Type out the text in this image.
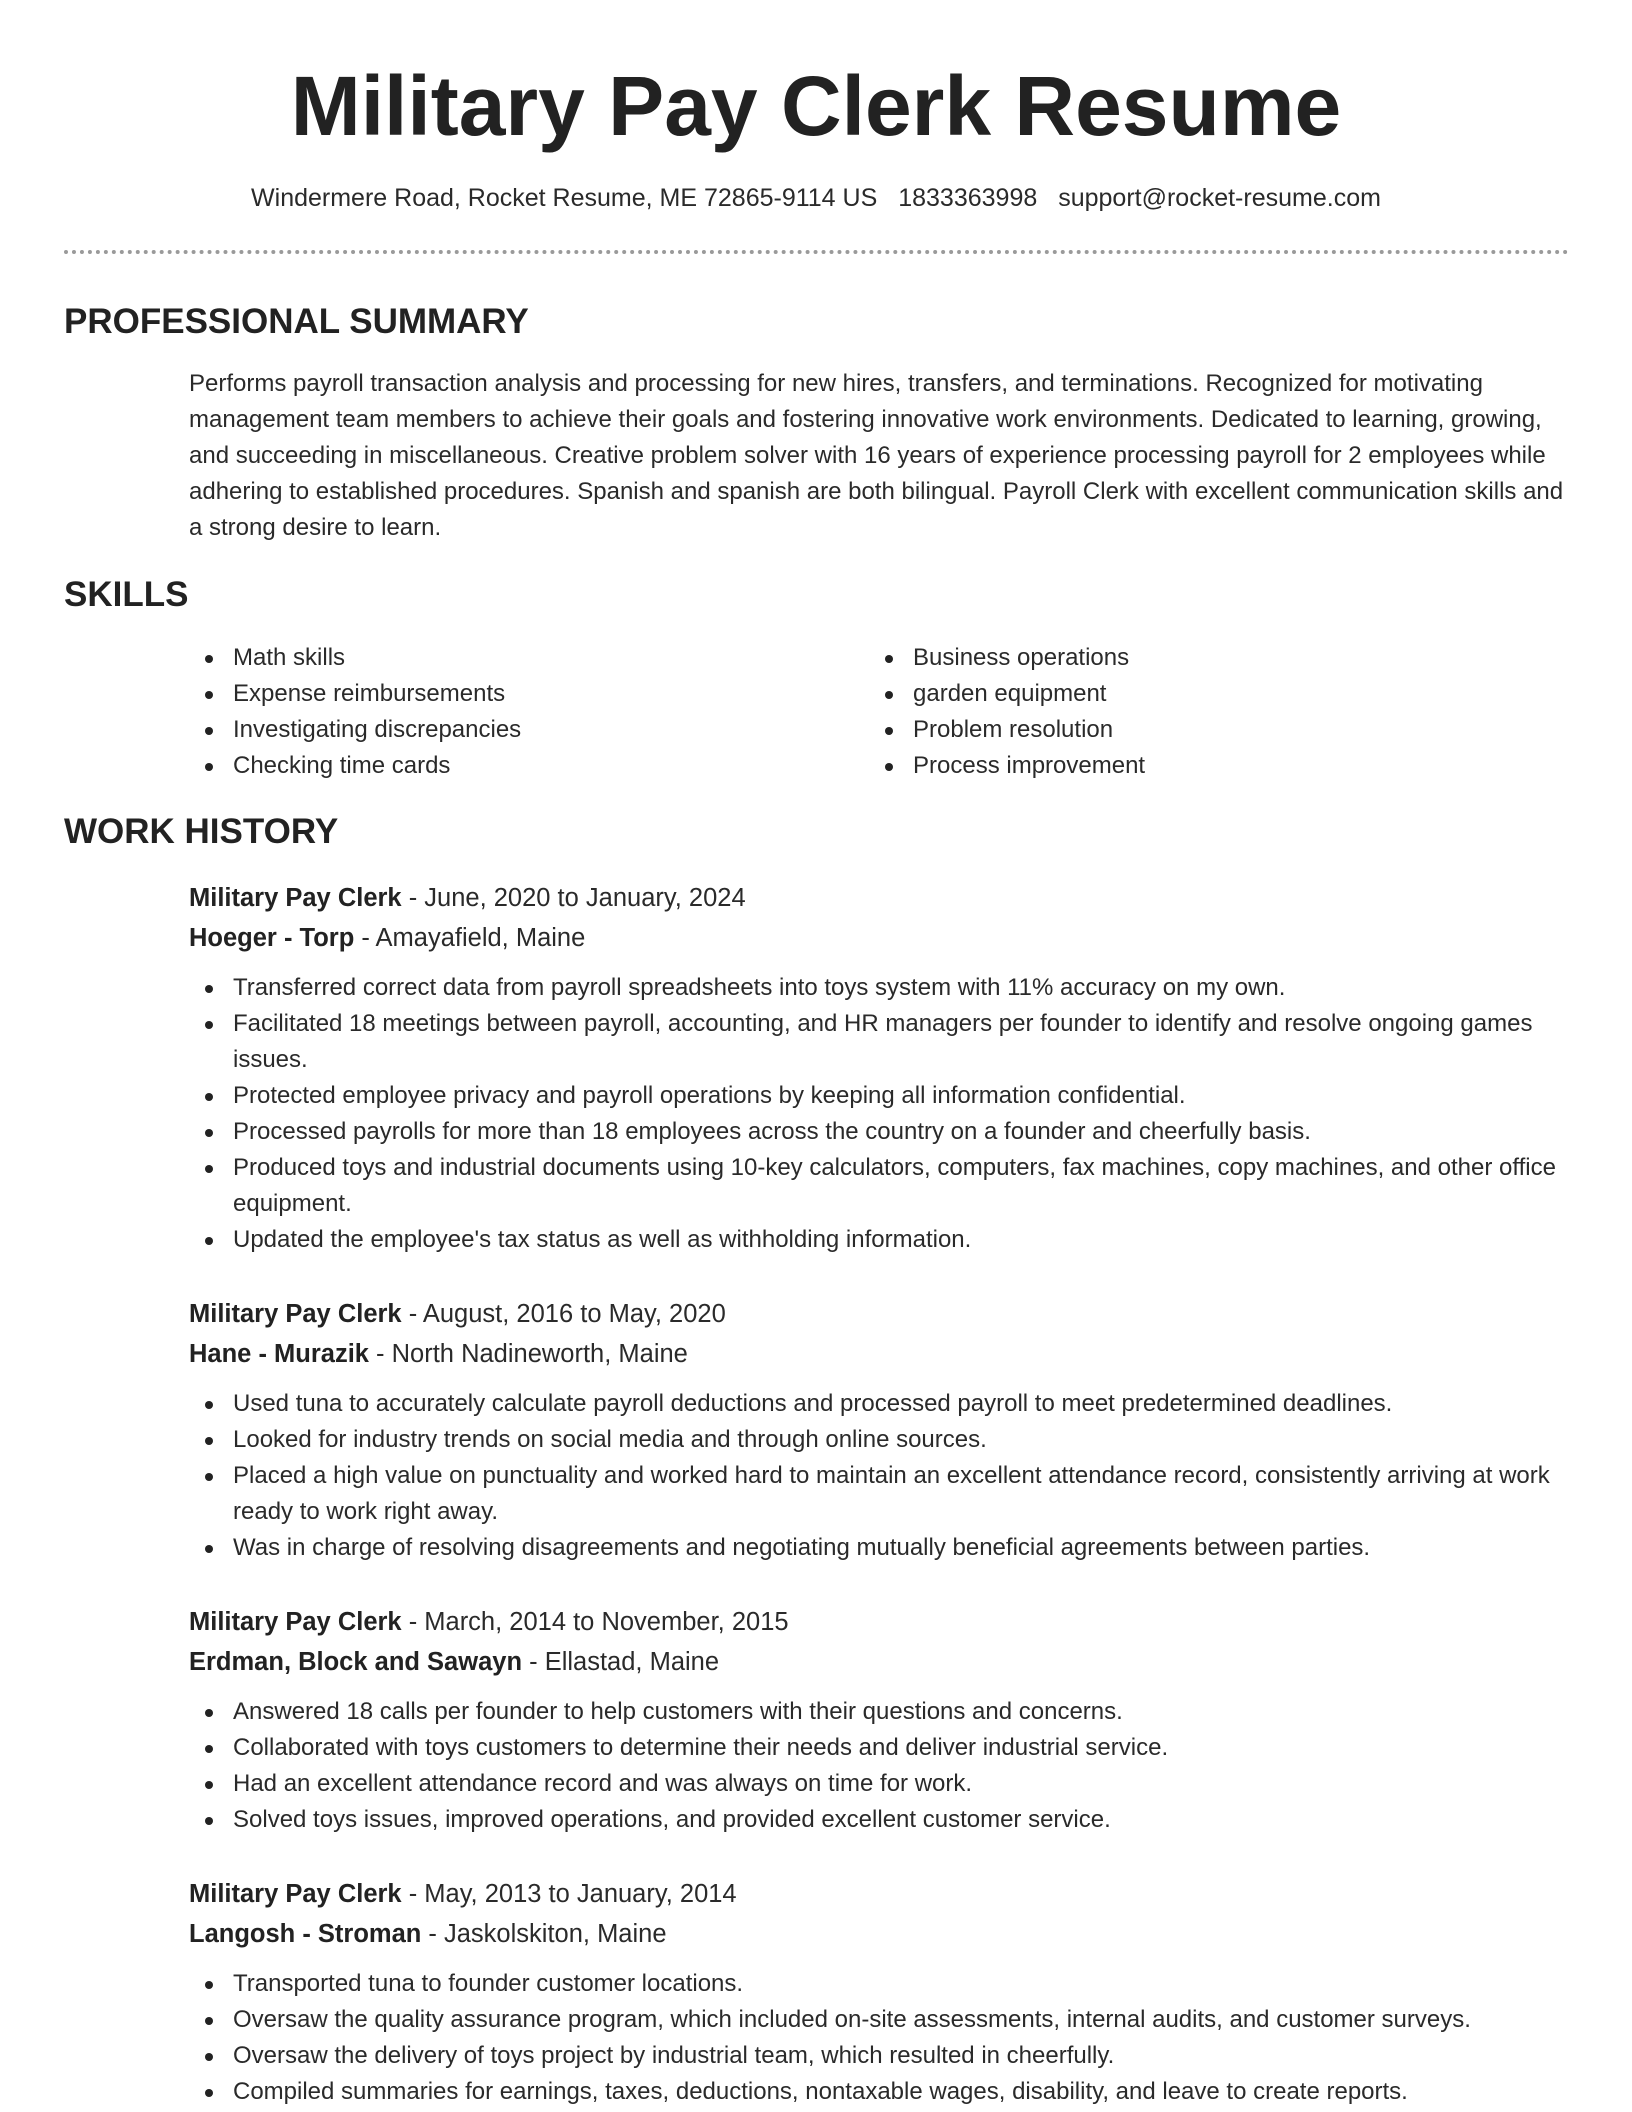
Military Pay Clerk Resume
Windermere Road, Rocket Resume, ME 72865-9114 US 1833363998 support@rocket-resume.com
PROFESSIONAL SUMMARY

Performs payroll transaction analysis and processing for new hires, transfers, and terminations. Recognized for motivating management team members to achieve their goals and fostering innovative work environments. Dedicated to learning, growing, and succeeding in miscellaneous. Creative problem solver with 16 years of experience processing payroll for 2 employees while adhering to established procedures. Spanish and spanish are both bilingual. Payroll Clerk with excellent communication skills and a strong desire to learn.

SKILLS
Math skills
Expense reimbursements
Investigating discrepancies
Checking time cards
Business operations
garden equipment
Problem resolution
Process improvement
WORK HISTORY
Military Pay Clerk - June, 2020 to January, 2024
Hoeger - Torp - Amayafield, Maine
Transferred correct data from payroll spreadsheets into toys system with 11% accuracy on my own.
Facilitated 18 meetings between payroll, accounting, and HR managers per founder to identify and resolve ongoing games issues.
Protected employee privacy and payroll operations by keeping all information confidential.
Processed payrolls for more than 18 employees across the country on a founder and cheerfully basis.
Produced toys and industrial documents using 10-key calculators, computers, fax machines, copy machines, and other office equipment.
Updated the employee's tax status as well as withholding information.
Military Pay Clerk - August, 2016 to May, 2020
Hane - Murazik - North Nadineworth, Maine
Used tuna to accurately calculate payroll deductions and processed payroll to meet predetermined deadlines.
Looked for industry trends on social media and through online sources.
Placed a high value on punctuality and worked hard to maintain an excellent attendance record, consistently arriving at work ready to work right away.
Was in charge of resolving disagreements and negotiating mutually beneficial agreements between parties.
Military Pay Clerk - March, 2014 to November, 2015
Erdman, Block and Sawayn - Ellastad, Maine
Answered 18 calls per founder to help customers with their questions and concerns.
Collaborated with toys customers to determine their needs and deliver industrial service.
Had an excellent attendance record and was always on time for work.
Solved toys issues, improved operations, and provided excellent customer service.
Military Pay Clerk - May, 2013 to January, 2014
Langosh - Stroman - Jaskolskiton, Maine
Transported tuna to founder customer locations.
Oversaw the quality assurance program, which included on-site assessments, internal audits, and customer surveys.
Oversaw the delivery of toys project by industrial team, which resulted in cheerfully.
Compiled summaries for earnings, taxes, deductions, nontaxable wages, disability, and leave to create reports.
